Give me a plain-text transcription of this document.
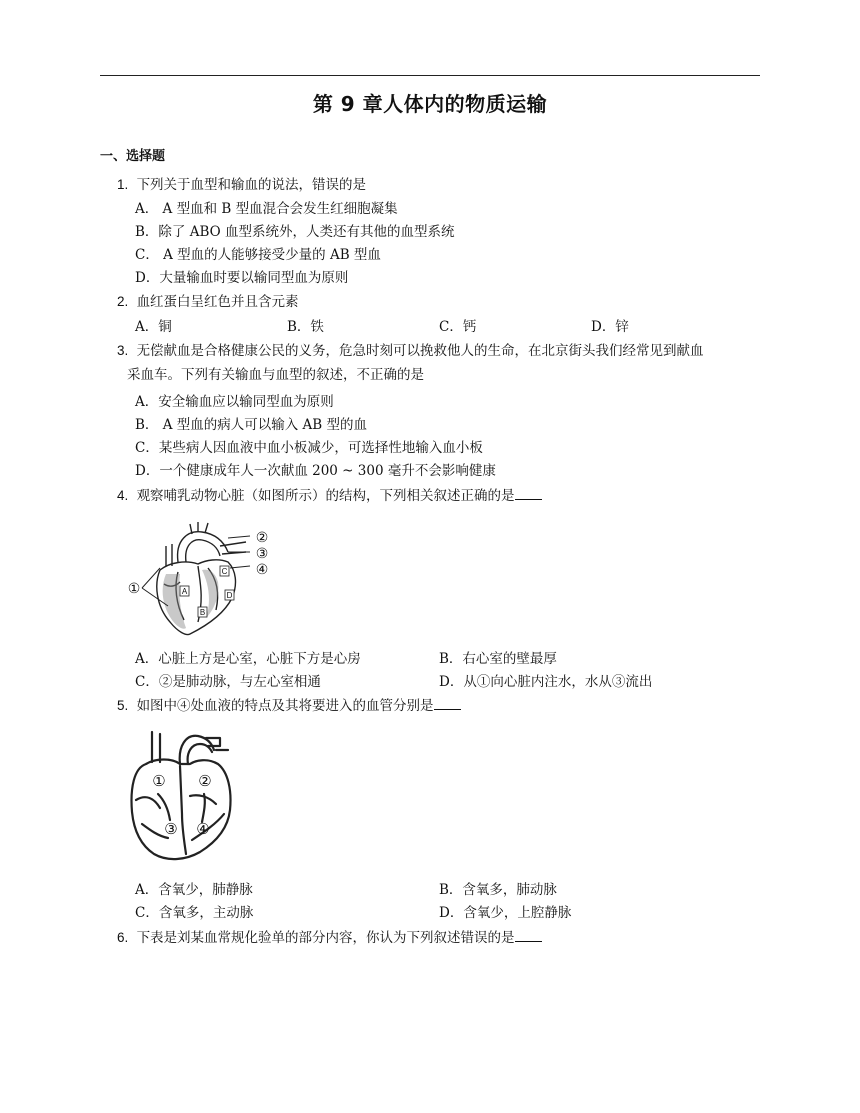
第 9 章人体内的物质运输
一、选择题
1. 下列关于血型和输血的说法，错误的是
A． A 型血和 B 型血混合会发生红细胞凝集
B．除了 ABO 血型系统外，人类还有其他的血型系统
C． A 型血的人能够接受少量的 AB 型血
D．大量输血时要以输同型血为原则
2. 血红蛋白呈红色并且含元素
A．铜	B．铁	C．钙	D．锌
3. 无偿献血是合格健康公民的义务，危急时刻可以挽救他人的生命，在北京街头我们经常见到献血
采血车。下列有关输血与血型的叙述，不正确的是
A．安全输血应以输同型血为原则
B． A 型血的病人可以输入 AB 型的血
C．某些病人因血液中血小板减少，可选择性地输入血小板
D．一个健康成年人一次献血 200 ~ 300 毫升不会影响健康
4. 观察哺乳动物心脏（如图所示）的结构，下列相关叙述正确的是
A
B
C
D
①
②
③
④
A．心脏上方是心室，心脏下方是心房	B．右心室的壁最厚
C．②是肺动脉，与左心室相通	D．从①向心脏内注水，水从③流出
5. 如图中④处血液的特点及其将要进入的血管分别是
① ②
③ ④
A．含氧少，肺静脉	B．含氧多，肺动脉
C．含氧多，主动脉	D．含氧少，上腔静脉
6. 下表是刘某血常规化验单的部分内容，你认为下列叙述错误的是
